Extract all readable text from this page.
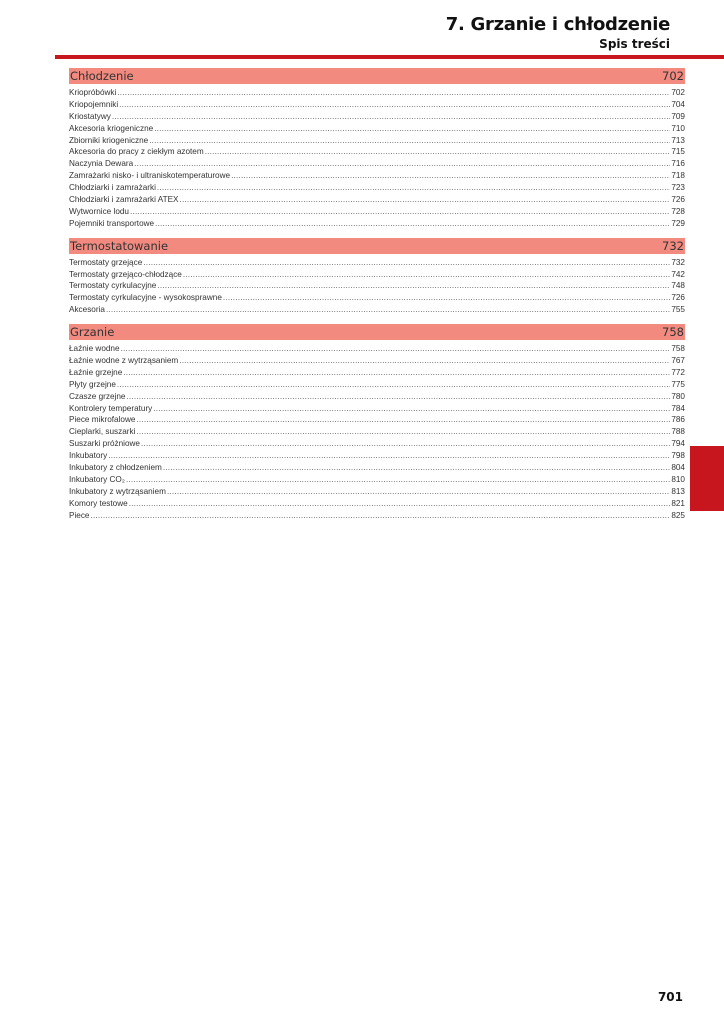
7. Grzanie i chłodzenie
Spis treści
Chłodzenie	702
Kriopróbówki .....	702
Kriopojemniki .....	704
Kriostatywy .....	709
Akcesoria kriogeniczne .....	710
Zbiorniki kriogeniczne .....	713
Akcesoria do pracy z ciekłym azotem .....	715
Naczynia Dewara .....	716
Zamrażarki nisko- i ultraniskotemperaturowe .....	718
Chłodziarki i zamrażarki .....	723
Chłodziarki i zamrażarki ATEX .....	726
Wytwornice lodu .....	728
Pojemniki transportowe .....	729
Termostatowanie	732
Termostaty grzejące .....	732
Termostaty grzejąco-chłodzące .....	742
Termostaty cyrkulacyjne .....	748
Termostaty cyrkulacyjne - wysokosprawne .....	726
Akcesoria .....	755
Grzanie	758
Łaźnie wodne .....	758
Łaźnie wodne z wytrząsaniem .....	767
Łaźnie grzejne .....	772
Płyty grzejne .....	775
Czasze grzejne .....	780
Kontrolery temperatury .....	784
Piece mikrofalowe .....	786
Cieplarki, suszarki .....	788
Suszarki próżniowe .....	794
Inkubatory .....	798
Inkubatory z chłodzeniem .....	804
Inkubatory CO₂ .....	810
Inkubatory z wytrząsaniem .....	813
Komory testowe .....	821
Piece .....	825
701
